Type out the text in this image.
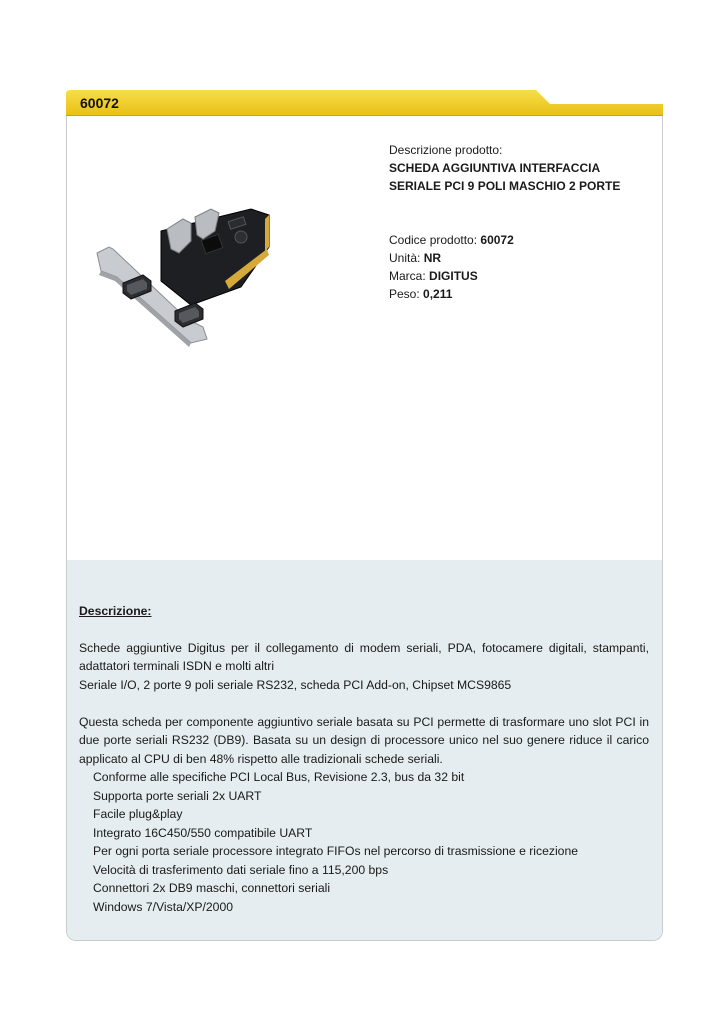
60072
Descrizione prodotto:
SCHEDA AGGIUNTIVA INTERFACCIA
SERIALE PCI 9 POLI MASCHIO 2 PORTE
Codice prodotto: 60072
Unità: NR
Marca: DIGITUS
Peso: 0,211
Descrizione:
Schede aggiuntive Digitus per il collegamento di modem seriali, PDA, fotocamere digitali, stampanti, adattatori terminali ISDN e molti altri
Seriale I/O, 2 porte 9 poli seriale RS232, scheda PCI Add-on, Chipset MCS9865
Questa scheda per componente aggiuntivo seriale basata su PCI permette di trasformare uno slot PCI in due porte seriali RS232 (DB9). Basata su un design di processore unico nel suo genere riduce il carico applicato al CPU di ben 48% rispetto alle tradizionali schede seriali.
Conforme alle specifiche PCI Local Bus, Revisione 2.3, bus da 32 bit
Supporta porte seriali 2x UART
Facile plug&play
Integrato 16C450/550 compatibile UART
Per ogni porta seriale processore integrato FIFOs nel percorso di trasmissione e ricezione
Velocità di trasferimento dati seriale fino a 115,200 bps
Connettori 2x DB9 maschi, connettori seriali
Windows 7/Vista/XP/2000
